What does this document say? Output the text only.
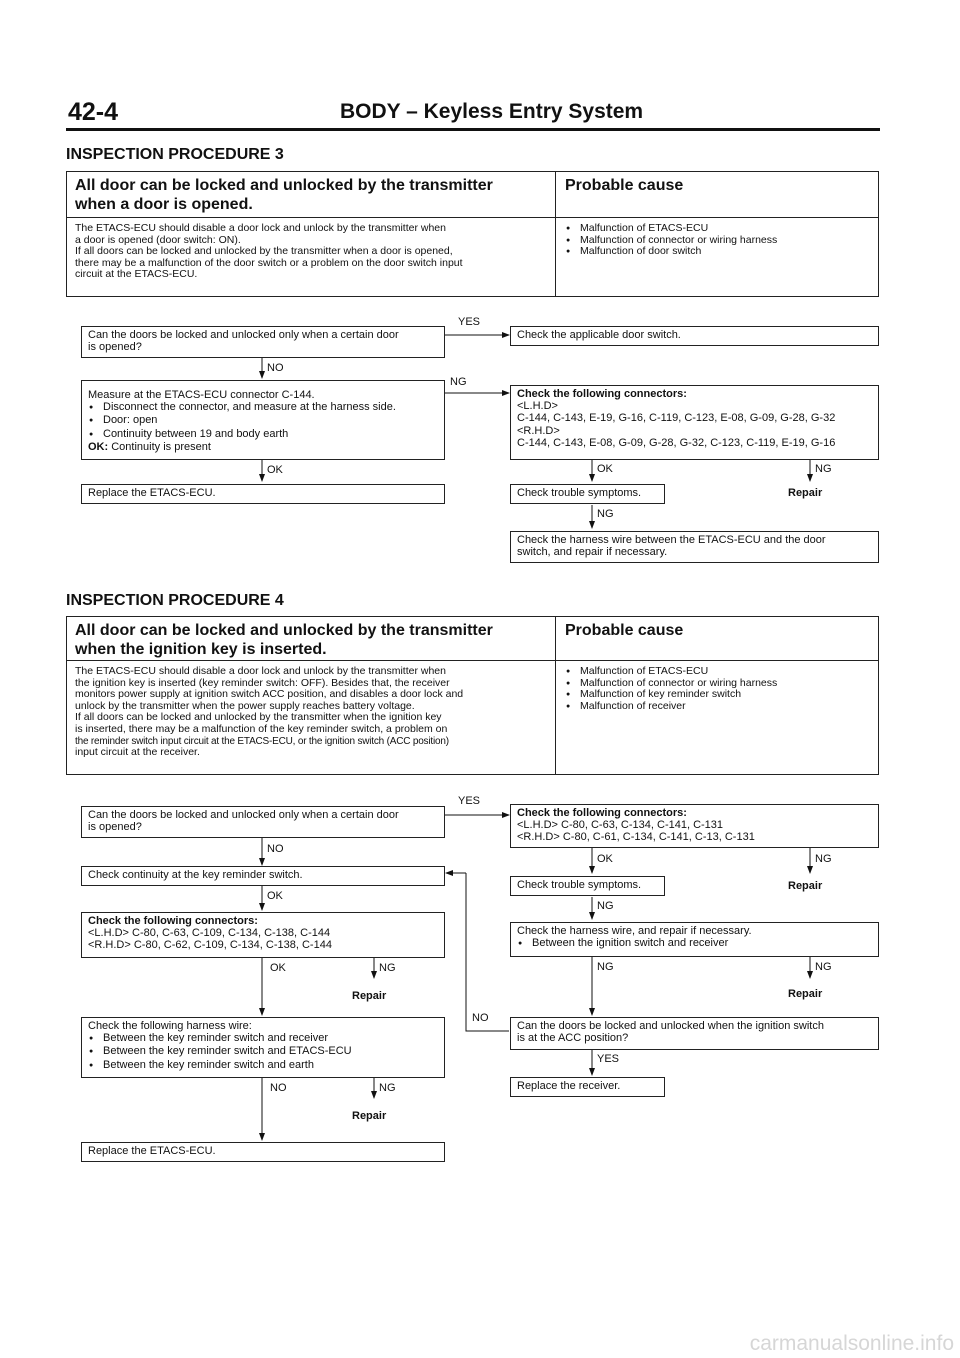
42-4	BODY – Keyless Entry System
INSPECTION PROCEDURE 3
All door can be locked and unlocked by the transmitter
when a door is opened.
Probable cause
The ETACS-ECU should disable a door lock and unlock by the transmitter when
a door is opened (door switch: ON).
If all doors can be locked and unlocked by the transmitter when a door is opened,
there may be a malfunction of the door switch or a problem on the door switch input
circuit at the ETACS-ECU.
● Malfunction of ETACS-ECU
● Malfunction of connector or wiring harness
● Malfunction of door switch
YES
Can the doors be locked and unlocked only when a certain door
is opened?
Check the applicable door switch.
NO
NG
Measure at the ETACS-ECU connector C-144.
● Disconnect the connector, and measure at the harness side.
● Door: open
● Continuity between 19 and body earth
OK: Continuity is present
Check the following connectors:
<L.H.D>
C-144, C-143, E-19, G-16, C-119, C-123, E-08, G-09, G-28, G-32
<R.H.D>
C-144, C-143, E-08, G-09, G-28, G-32, C-123, C-119, E-19, G-16
OK	OK	NG
Replace the ETACS-ECU.	Check trouble symptoms.	Repair
NG
Check the harness wire between the ETACS-ECU and the door
switch, and repair if necessary.
INSPECTION PROCEDURE 4
All door can be locked and unlocked by the transmitter
when the ignition key is inserted.
Probable cause
The ETACS-ECU should disable a door lock and unlock by the transmitter when
the ignition key is inserted (key reminder switch: OFF). Besides that, the receiver
monitors power supply at ignition switch ACC position, and disables a door lock and
unlock by the transmitter when the power supply reaches battery voltage.
If all doors can be locked and unlocked by the transmitter when the ignition key
is inserted, there may be a malfunction of the key reminder switch, a problem on
the reminder switch input circuit at the ETACS-ECU, or the ignition switch (ACC position)
input circuit at the receiver.
● Malfunction of ETACS-ECU
● Malfunction of connector or wiring harness
● Malfunction of key reminder switch
● Malfunction of receiver
YES
Can the doors be locked and unlocked only when a certain door
is opened?
Check the following connectors:
<L.H.D> C-80, C-63, C-134, C-141, C-131
<R.H.D> C-80, C-61, C-134, C-141, C-13, C-131
NO
OK	NG
Check continuity at the key reminder switch.
Check trouble symptoms.	Repair
OK
NG
Check the following connectors:
<L.H.D> C-80, C-63, C-109, C-134, C-138, C-144
<R.H.D> C-80, C-62, C-109, C-134, C-138, C-144
Check the harness wire, and repair if necessary.
● Between the ignition switch and receiver
OK	NG	NG	NG
Repair	Repair
NO
Check the following harness wire:
● Between the key reminder switch and receiver
● Between the key reminder switch and ETACS-ECU
● Between the key reminder switch and earth
Can the doors be locked and unlocked when the ignition switch
is at the ACC position?
YES
NO	NG	Replace the receiver.
Repair
Replace the ETACS-ECU.
carmanualsonline.info
